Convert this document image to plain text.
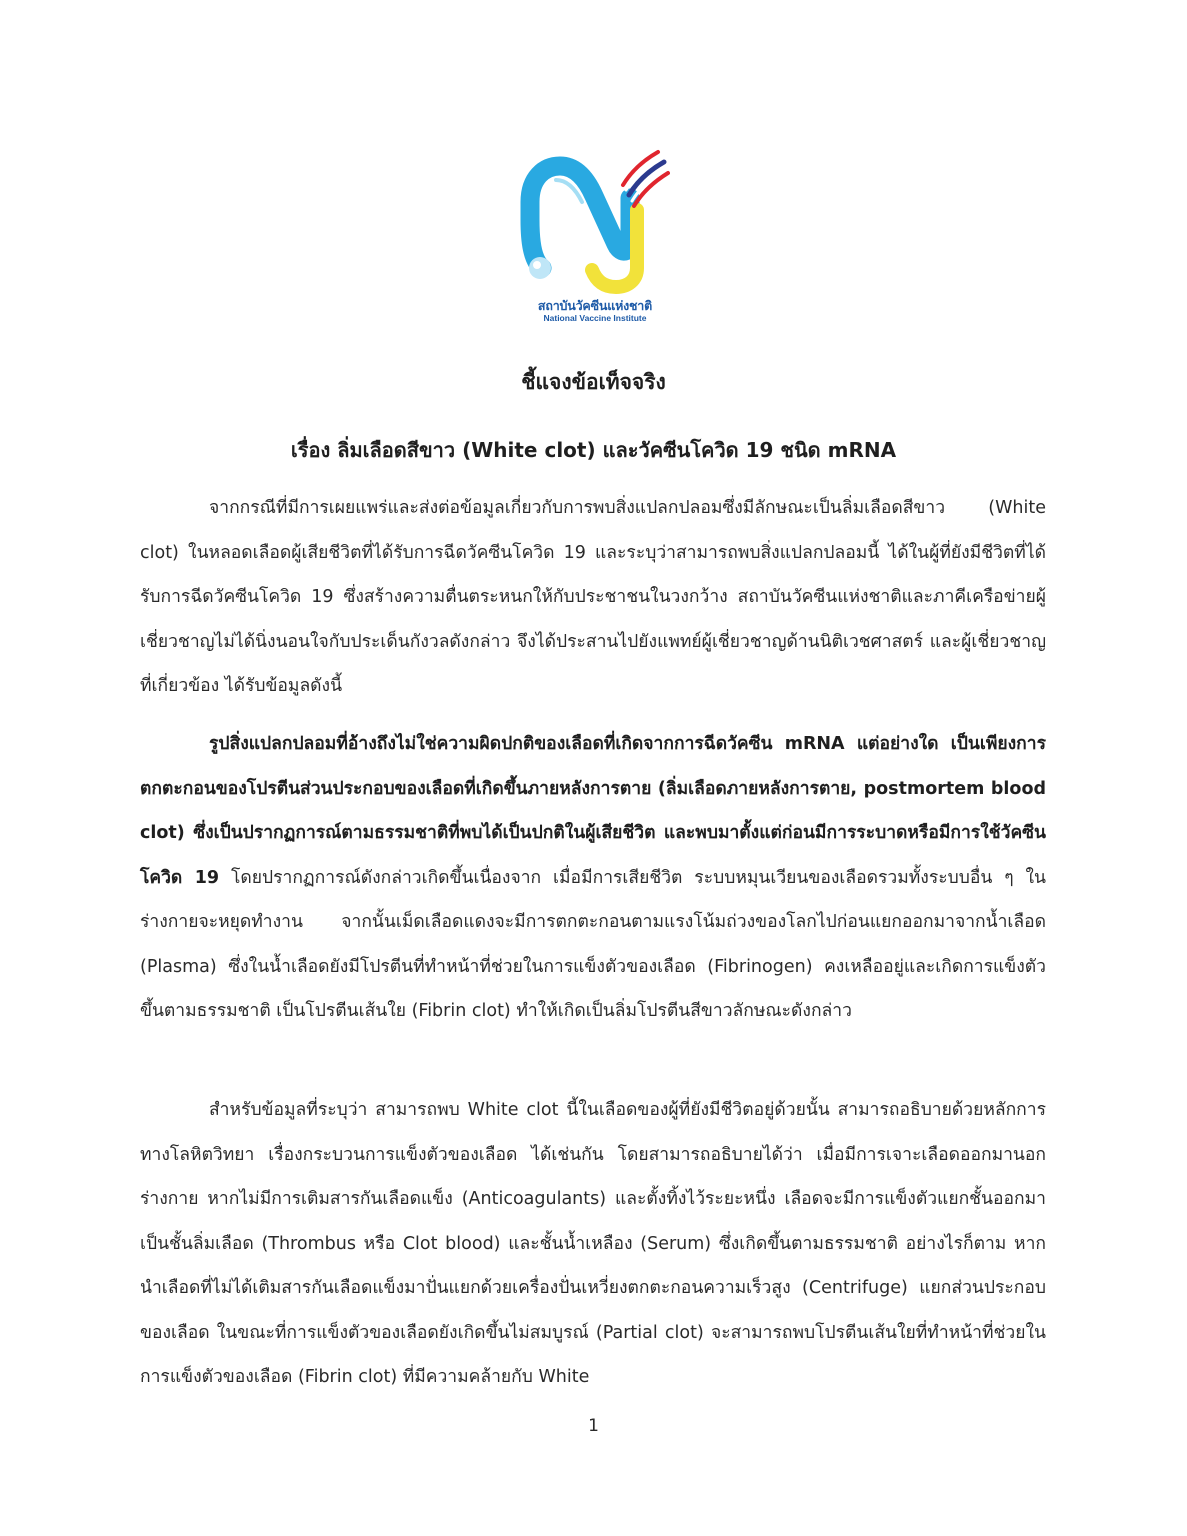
สถาบันวัคซีนแห่งชาติ
National Vaccine Institute
ชี้แจงข้อเท็จจริง
เรื่อง ลิ่มเลือดสีขาว (White clot) และวัคซีนโควิด 19 ชนิด mRNA

จากกรณีที่มีการเผยแพร่และส่งต่อข้อมูลเกี่ยวกับการพบสิ่งแปลกปลอมซึ่งมีลักษณะเป็นลิ่มเลือดสีขาว (White clot) ในหลอดเลือดผู้เสียชีวิตที่ได้รับการฉีดวัคซีนโควิด 19 และระบุว่าสามารถพบสิ่งแปลกปลอมนี้ ได้ในผู้ที่ยังมีชีวิตที่ได้รับการฉีดวัคซีนโควิด 19 ซึ่งสร้างความตื่นตระหนกให้กับประชาชนในวงกว้าง สถาบันวัคซีนแห่งชาติและภาคีเครือข่ายผู้เชี่ยวชาญไม่ได้นิ่งนอนใจกับประเด็นกังวลดังกล่าว จึงได้ประสานไปยังแพทย์ผู้เชี่ยวชาญด้านนิติเวชศาสตร์ และผู้เชี่ยวชาญที่เกี่ยวข้อง ได้รับข้อมูลดังนี้

รูปสิ่งแปลกปลอมที่อ้างถึงไม่ใช่ความผิดปกติของเลือดที่เกิดจากการฉีดวัคซีน mRNA แต่อย่างใด เป็นเพียงการตกตะกอนของโปรตีนส่วนประกอบของเลือดที่เกิดขึ้นภายหลังการตาย (ลิ่มเลือดภายหลังการตาย, postmortem blood clot) ซึ่งเป็นปรากฏการณ์ตามธรรมชาติที่พบได้เป็นปกติในผู้เสียชีวิต และพบมาตั้งแต่ก่อนมีการระบาดหรือมีการใช้วัคซีนโควิด 19 โดยปรากฏการณ์ดังกล่าวเกิดขึ้นเนื่องจาก เมื่อมีการเสียชีวิต ระบบหมุนเวียนของเลือดรวมทั้งระบบอื่น ๆ ในร่างกายจะหยุดทำงาน จากนั้นเม็ดเลือดแดงจะมีการตกตะกอนตามแรงโน้มถ่วงของโลกไปก่อนแยกออกมาจากน้ำเลือด (Plasma) ซึ่งในน้ำเลือดยังมีโปรตีนที่ทำหน้าที่ช่วยในการแข็งตัวของเลือด (Fibrinogen) คงเหลืออยู่และเกิดการแข็งตัวขึ้นตามธรรมชาติ เป็นโปรตีนเส้นใย (Fibrin clot) ทำให้เกิดเป็นลิ่มโปรตีนสีขาวลักษณะดังกล่าว

สำหรับข้อมูลที่ระบุว่า สามารถพบ White clot นี้ในเลือดของผู้ที่ยังมีชีวิตอยู่ด้วยนั้น สามารถอธิบายด้วยหลักการทางโลหิตวิทยา เรื่องกระบวนการแข็งตัวของเลือด ได้เช่นกัน โดยสามารถอธิบายได้ว่า เมื่อมีการเจาะเลือดออกมานอกร่างกาย หากไม่มีการเติมสารกันเลือดแข็ง (Anticoagulants) และตั้งทิ้งไว้ระยะหนึ่ง เลือดจะมีการแข็งตัวแยกชั้นออกมา เป็นชั้นลิ่มเลือด (Thrombus หรือ Clot blood) และชั้นน้ำเหลือง (Serum) ซึ่งเกิดขึ้นตามธรรมชาติ อย่างไรก็ตาม หากนำเลือดที่ไม่ได้เติมสารกันเลือดแข็งมาปั่นแยกด้วยเครื่องปั่นเหวี่ยงตกตะกอนความเร็วสูง (Centrifuge) แยกส่วนประกอบของเลือด ในขณะที่การแข็งตัวของเลือดยังเกิดขึ้นไม่สมบูรณ์ (Partial clot) จะสามารถพบโปรตีนเส้นใยที่ทำหน้าที่ช่วยในการแข็งตัวของเลือด (Fibrin clot) ที่มีความคล้ายกับ White

1
